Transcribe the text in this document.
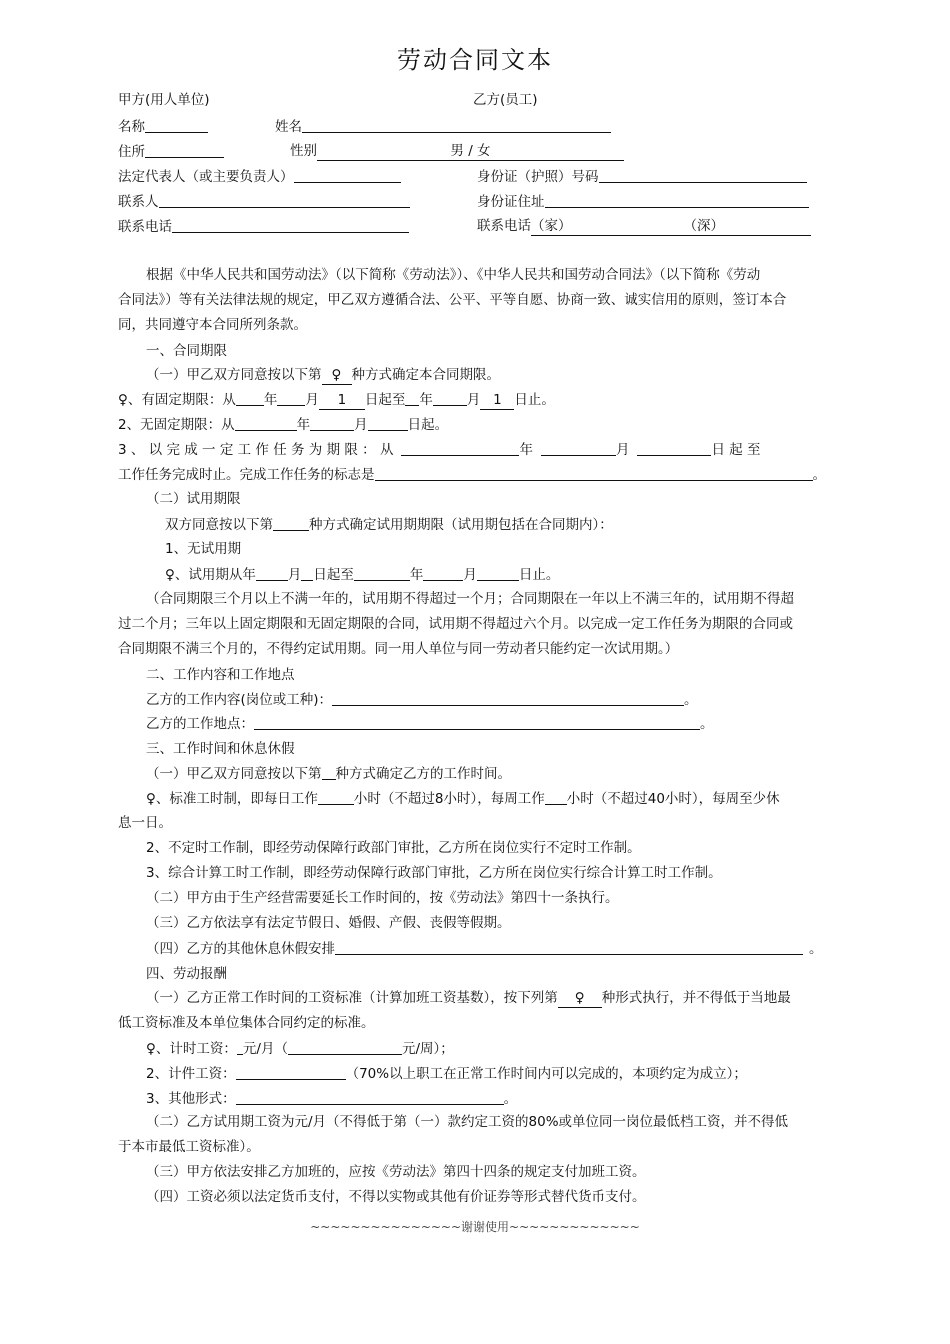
劳动合同文本
甲方(用人单位)	乙方(员工)
名称	姓名
住所	性别	男 / 女
法定代表人（或主要负责人）	身份证（护照）号码
联系人	身份证住址
联系电话	联系电话（家）	（深）
根据《中华人民共和国劳动法》（以下简称《劳动法》）、《中华人民共和国劳动合同法》（以下简称《劳动
合同法》）等有关法律法规的规定，甲乙双方遵循合法、公平、平等自愿、协商一致、诚实信用的原则，签订本合
同，共同遵守本合同所列条款。
一、合同期限
（一）甲乙双方同意按以下第 ♀ 种方式确定本合同期限。
♀、有固定期限：从 年 月 1 日起至 年	月 1 日止。
2、无固定期限：从	年	月	日起。
3 、 以 完 成 一 定 工 作 任 务 为 期 限 ： 从	年	月	日 起 至
工作任务完成时止。完成工作任务的标志是	。
（二）试用期限
双方同意按以下第	种方式确定试用期期限（试用期包括在合同期内）：
1、无试用期
♀、试用期从年 月 日起至	年	月	日止。
（合同期限三个月以上不满一年的，试用期不得超过一个月；合同期限在一年以上不满三年的，试用期不得超
过二个月；三年以上固定期限和无固定期限的合同，试用期不得超过六个月。以完成一定工作任务为期限的合同或
合同期限不满三个月的，不得约定试用期。同一用人单位与同一劳动者只能约定一次试用期。）
二、工作内容和工作地点
乙方的工作内容(岗位或工种)：	。
乙方的工作地点：	。
三、工作时间和休息休假
（一）甲乙双方同意按以下第 种方式确定乙方的工作时间。
♀、标准工时制，即每日工作	小时（不超过8小时），每周工作 小时（不超过40小时），每周至少休
息一日。
2、不定时工作制，即经劳动保障行政部门审批，乙方所在岗位实行不定时工作制。
3、综合计算工时工作制，即经劳动保障行政部门审批，乙方所在岗位实行综合计算工时工作制。
（二）甲方由于生产经营需要延长工作时间的，按《劳动法》第四十一条执行。
（三）乙方依法享有法定节假日、婚假、产假、丧假等假期。
（四）乙方的其他休息休假安排	。
四、劳动报酬
（一）乙方正常工作时间的工资标准（计算加班工资基数），按下列第 ♀ 种形式执行，并不得低于当地最
低工资标准及本单位集体合同约定的标准。
♀、计时工资： 元/月（	元/周）；
2、计件工资：	（70%以上职工在正常工作时间内可以完成的，本项约定为成立）；
3、其他形式：	。
（二）乙方试用期工资为元/月（不得低于第（一）款约定工资的80%或单位同一岗位最低档工资，并不得低
于本市最低工资标准）。
（三）甲方依法安排乙方加班的，应按《劳动法》第四十四条的规定支付加班工资。
（四）工资必须以法定货币支付，不得以实物或其他有价证券等形式替代货币支付。
~~~~~~~~~~~~~~~谢谢使用~~~~~~~~~~~~~
